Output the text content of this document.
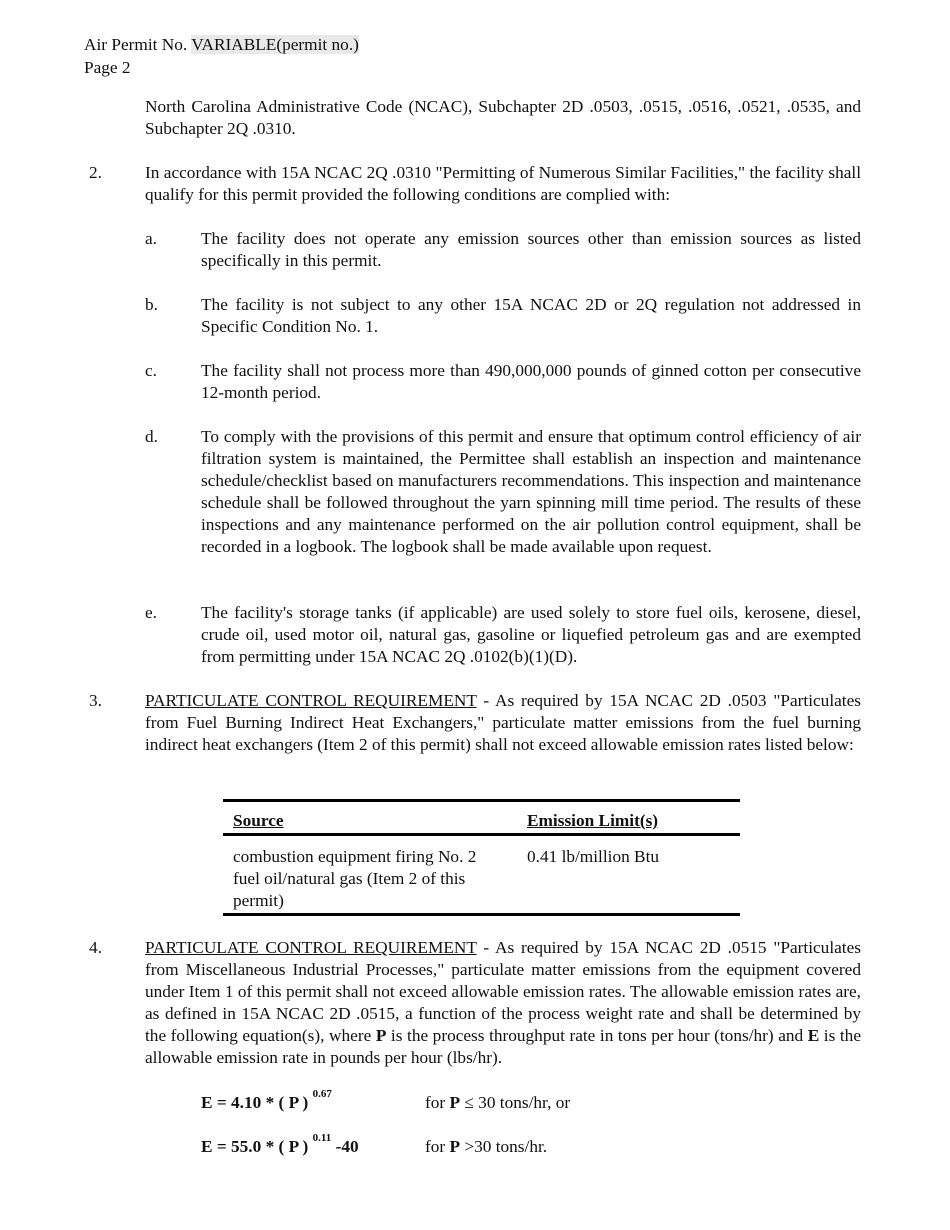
Air Permit No. VARIABLE(permit no.)
Page 2
North Carolina Administrative Code (NCAC), Subchapter 2D .0503, .0515, .0516, .0521, .0535, and Subchapter 2Q .0310.
2.	In accordance with 15A NCAC 2Q .0310 "Permitting of Numerous Similar Facilities," the facility shall qualify for this permit provided the following conditions are complied with:
a.	The facility does not operate any emission sources other than emission sources as listed specifically in this permit.
b.	The facility is not subject to any other 15A NCAC 2D or 2Q regulation not addressed in Specific Condition No. 1.
c.	The facility shall not process more than 490,000,000 pounds of ginned cotton per consecutive 12-month period.
d.	To comply with the provisions of this permit and ensure that optimum control efficiency of air filtration system is maintained, the Permittee shall establish an inspection and maintenance schedule/checklist based on manufacturers recommendations. This inspection and maintenance schedule shall be followed throughout the yarn spinning mill time period. The results of these inspections and any maintenance performed on the air pollution control equipment, shall be recorded in a logbook. The logbook shall be made available upon request.
e.	The facility's storage tanks (if applicable) are used solely to store fuel oils, kerosene, diesel, crude oil, used motor oil, natural gas, gasoline or liquefied petroleum gas and are exempted from permitting under 15A NCAC 2Q .0102(b)(1)(D).
3.	PARTICULATE CONTROL REQUIREMENT - As required by 15A NCAC 2D .0503 "Particulates from Fuel Burning Indirect Heat Exchangers," particulate matter emissions from the fuel burning indirect heat exchangers (Item 2 of this permit) shall not exceed allowable emission rates listed below:
Source	Emission Limit(s)
combustion equipment firing No. 2 fuel oil/natural gas (Item 2 of this permit)	0.41 lb/million Btu
4.	PARTICULATE CONTROL REQUIREMENT - As required by 15A NCAC 2D .0515 "Particulates from Miscellaneous Industrial Processes," particulate matter emissions from the equipment covered under Item 1 of this permit shall not exceed allowable emission rates. The allowable emission rates are, as defined in 15A NCAC 2D .0515, a function of the process weight rate and shall be determined by the following equation(s), where P is the process throughput rate in tons per hour (tons/hr) and E is the allowable emission rate in pounds per hour (lbs/hr).
E = 4.10 * ( P ) $^{0.67}$	for P ≤ 30 tons/hr, or
E = 55.0 * ( P ) $^{0.11}$ -40	for P >30 tons/hr.
